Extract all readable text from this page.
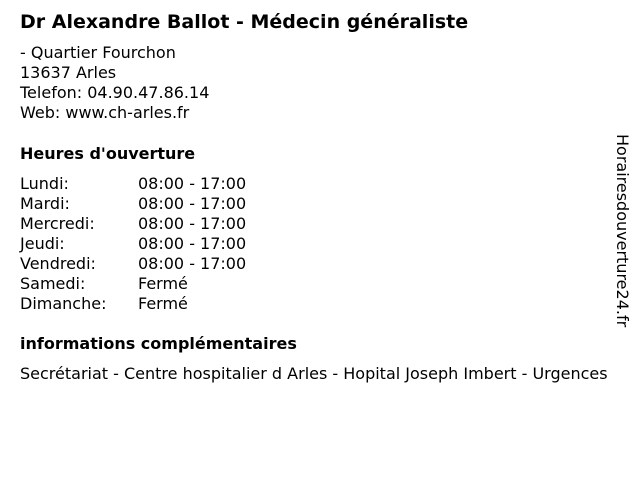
Dr Alexandre Ballot - Médecin généraliste
- Quartier Fourchon
13637 Arles
Telefon: 04.90.47.86.14
Web: www.ch-arles.fr
Heures d'ouverture
Lundi:	08:00 - 17:00
Mardi:	08:00 - 17:00
Mercredi:	08:00 - 17:00
Jeudi:	08:00 - 17:00
Vendredi:	08:00 - 17:00
Samedi:	Fermé
Dimanche: Fermé
informations complémentaires
Secrétariat - Centre hospitalier d Arles - Hopital Joseph Imbert - Urgences
Horairesdouverture24.fr
